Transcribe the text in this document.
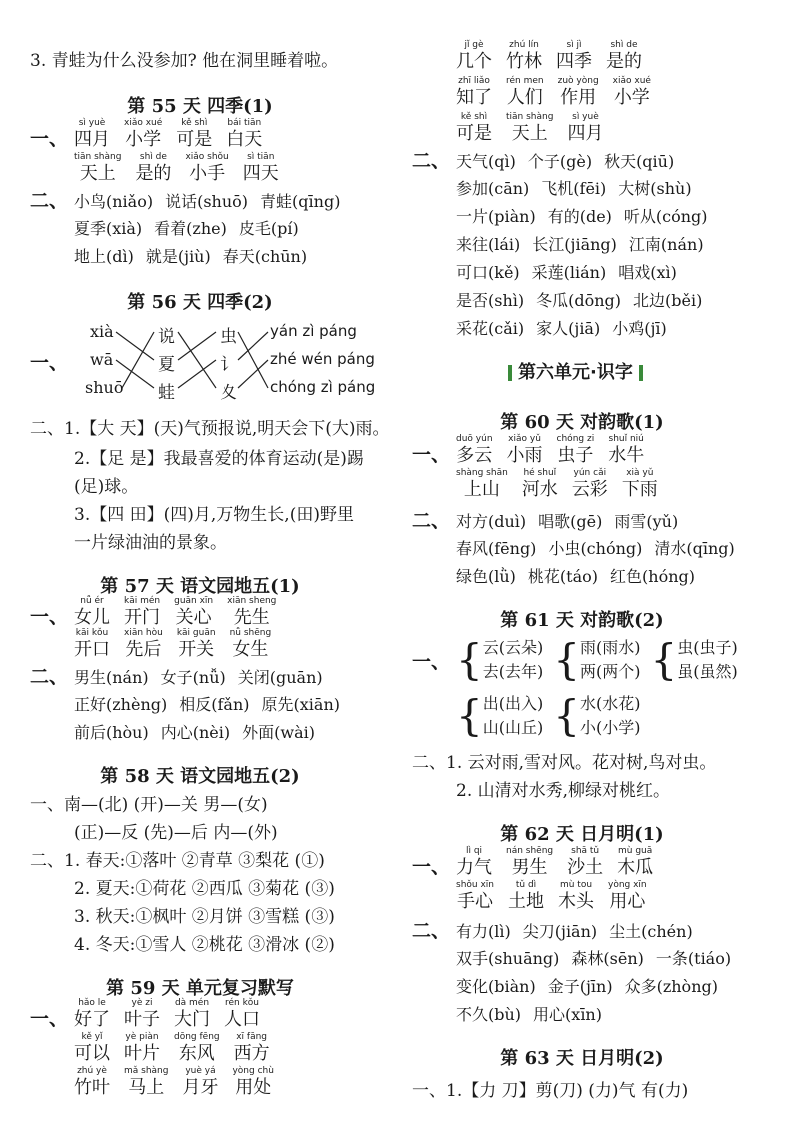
3. 青蛙为什么没参加? 他在洞里睡着啦。
第 55 天 四季(1)
一、
sì yuè
四月
xiǎo xué
小学
kě shì
可是
bái tiān
白天
tiān shàng
天上
shì de
是的
xiǎo shǒu
小手
sì tiān
四天
二、 小鸟(niǎo) 说话(shuō) 青蛙(qīng)
夏季(xià) 看着(zhe) 皮毛(pí)
地上(dì) 就是(jiù) 春天(chūn)
第 56 天 四季(2)
一、
xià
wā
shuō
说
夏
蛙
虫
讠
夊
yán zì páng
zhé wén páng
chóng zì páng
二、1.【大 天】(天)气预报说,明天会下(大)雨。
2.【足 是】我最喜爱的体育运动(是)踢
(足)球。
3.【四 田】(四)月,万物生长,(田)野里
一片绿油油的景象。
第 57 天 语文园地五(1)
一、
nǚ ér
女儿
kāi mén
开门
guān xīn
关心
xiān sheng
先生
kāi kǒu
开口
xiān hòu
先后
kāi guān
开关
nǚ shēng
女生
二、 男生(nán) 女子(nǚ) 关闭(guān)
正好(zhèng) 相反(fǎn) 原先(xiān)
前后(hòu) 内心(nèi) 外面(wài)
第 58 天 语文园地五(2)
一、南—(北) (开)—关 男—(女)
(正)—反 (先)—后 内—(外)
二、1. 春天:①落叶 ②青草 ③梨花 (①)
2. 夏天:①荷花 ②西瓜 ③菊花 (③)
3. 秋天:①枫叶 ②月饼 ③雪糕 (③)
4. 冬天:①雪人 ②桃花 ③滑冰 (②)
第 59 天 单元复习默写
一、
hǎo le
好了
yè zi
叶子
dà mén
大门
rén kǒu
人口
kě yǐ
可以
yè piàn
叶片
dōng fēng
东风
xī fāng
西方
zhú yè
竹叶
mǎ shàng
马上
yuè yá
月牙
yòng chù
用处
jǐ gè
几个
zhú lín
竹林
sì jì
四季
shì de
是的
zhī liǎo
知了
rén men
人们
zuò yòng
作用
xiǎo xué
小学
kě shì
可是
tiān shàng
天上
sì yuè
四月
二、 天气(qì) 个子(gè) 秋天(qiū)
参加(cān) 飞机(fēi) 大树(shù)
一片(piàn) 有的(de) 听从(cóng)
来往(lái) 长江(jiāng) 江南(nán)
可口(kě) 采莲(lián) 唱戏(xì)
是否(shì) 冬瓜(dōng) 北边(běi)
采花(cǎi) 家人(jiā) 小鸡(jī)
第六单元·识字
第 60 天 对韵歌(1)
一、
duō yún
多云
xiǎo yǔ
小雨
chóng zi
虫子
shuǐ niú
水牛
shàng shān
上山
hé shuǐ
河水
yún cǎi
云彩
xià yǔ
下雨
二、 对方(duì) 唱歌(gē) 雨雪(yǔ)
春风(fēng) 小虫(chóng) 清水(qīng)
绿色(lǜ) 桃花(táo) 红色(hóng)
第 61 天 对韵歌(2)
一、 {云(云朵)
去(去年) {雨(雨水)
两(两个) {虫(虫子)
虽(虽然)
{出(出入)
山(山丘) {水(水花)
小(小学)
二、1. 云对雨,雪对风。花对树,鸟对虫。
2. 山清对水秀,柳绿对桃红。
第 62 天 日月明(1)
一、
lì qi
力气
nán shēng
男生
shā tǔ
沙土
mù guā
木瓜
shǒu xīn
手心
tǔ dì
土地
mù tou
木头
yòng xīn
用心
二、 有力(lì) 尖刀(jiān) 尘土(chén)
双手(shuāng) 森林(sēn) 一条(tiáo)
变化(biàn) 金子(jīn) 众多(zhòng)
不久(bù) 用心(xīn)
第 63 天 日月明(2)
一、1.【力 刀】剪(刀) (力)气 有(力)
